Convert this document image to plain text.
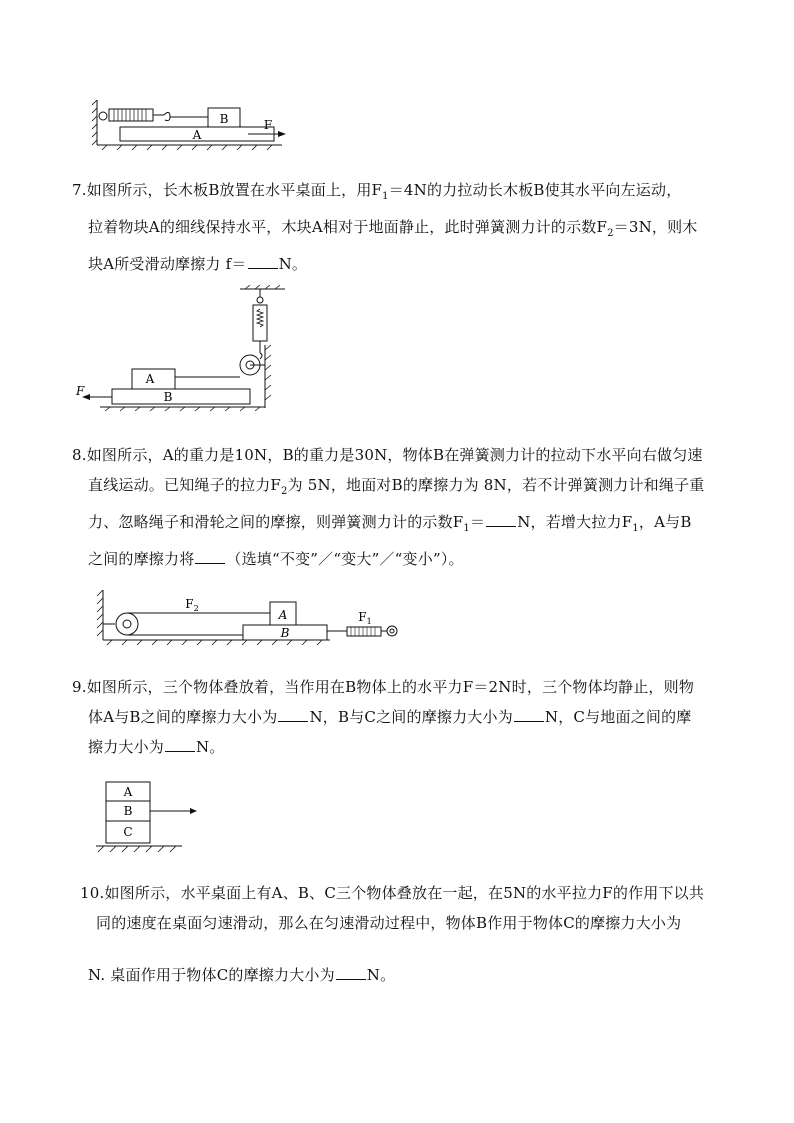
B
A
F
7.如图所示，长木板B放置在水平桌面上，用$F_1=4N$的力拉动长木板B使其水平向左运动，
拉着物块A的细线保持水平，木块A相对于地面静止，此时弹簧测力计的示数$F_2=3N$，则木
块A所受滑动摩擦力 f＝ N。
A
B
F
8.如图所示，A的重力是10N，B的重力是30N，物体B在弹簧测力计的拉动下水平向右做匀速
直线运动。已知绳子的拉力$F_2$为 5N，地面对B的摩擦力为 8N，若不计弹簧测力计和绳子重
力、忽略绳子和滑轮之间的摩擦，则弹簧测力计的示数$F_1= N$，若增大拉力$F_1$，A与B
之间的摩擦力将 （选填“不变”／“变大”／“变小”）。
$F_2$	A
B
$F_1$
9.如图所示，三个物体叠放着，当作用在B物体上的水平力F＝2N时，三个物体均静止，则物
体A与B之间的摩擦力大小为 N，B与C之间的摩擦力大小为 N，C与地面之间的摩
擦力大小为 N。
A
B
C
10.如图所示，水平桌面上有A、B、C三个物体叠放在一起，在5N的水平拉力F的作用下以共
同的速度在桌面匀速滑动，那么在匀速滑动过程中，物体B作用于物体C的摩擦力大小为
N. 桌面作用于物体C的摩擦力大小为 N。
